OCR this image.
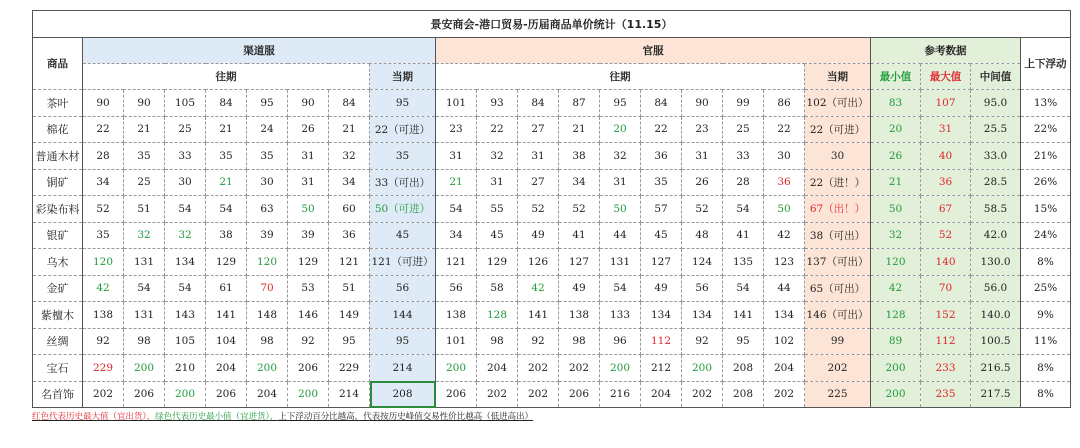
景安商会-港口贸易-历届商品单价统计（11.15）																						
商品	渠道服								官服										参考数据			上下浮动
	往期							当期	往期									当期	最小值	最大值	中间值	
茶叶	90	90	105	84	95	90	84	95	101	93	84	87	95	84	90	99	86	102（可出）	83	107	95.0	13%
棉花	22	21	25	21	24	26	21	22（可进）	23	22	27	21	20	22	23	25	22	22（可进）	20	31	25.5	22%
普通木材	28	35	33	35	35	31	32	35	31	32	31	38	32	36	31	33	30	30	26	40	33.0	21%
铜矿	34	25	30	21	30	31	34	33（可出）	21	31	27	34	31	35	26	28	36	22（进！）	21	36	28.5	26%
彩染布料	52	51	54	54	63	50	60	50（可进）	54	55	52	52	50	57	52	54	50	67（出！）	50	67	58.5	15%
银矿	35	32	32	38	39	39	36	45	34	45	49	41	44	45	48	41	42	38（可出）	32	52	42.0	24%
乌木	120	131	134	129	120	129	121	121（可进）	121	129	126	127	131	127	124	135	123	137（可出）	120	140	130.0	8%
金矿	42	54	54	61	70	53	51	56	56	58	42	49	54	49	56	54	44	65（可出）	42	70	56.0	25%
紫檀木	138	131	143	141	148	146	149	144	138	128	141	138	133	134	134	141	134	146（可出）	128	152	140.0	9%
丝绸	92	98	105	104	98	92	95	95	101	98	92	98	96	112	92	95	102	99	89	112	100.5	11%
宝石	229	200	210	204	200	206	229	214	200	204	202	202	200	212	200	208	204	202	200	233	216.5	8%
名首饰	202	206	200	206	204	200	214	208	206	202	202	206	216	204	202	208	202	225	200	235	217.5	8%
红色代表历史最大值（宜出货），绿色代表历史最小值（宜进货），上下浮动百分比越高，代表按历史峰值交易性价比越高（低进高出）
